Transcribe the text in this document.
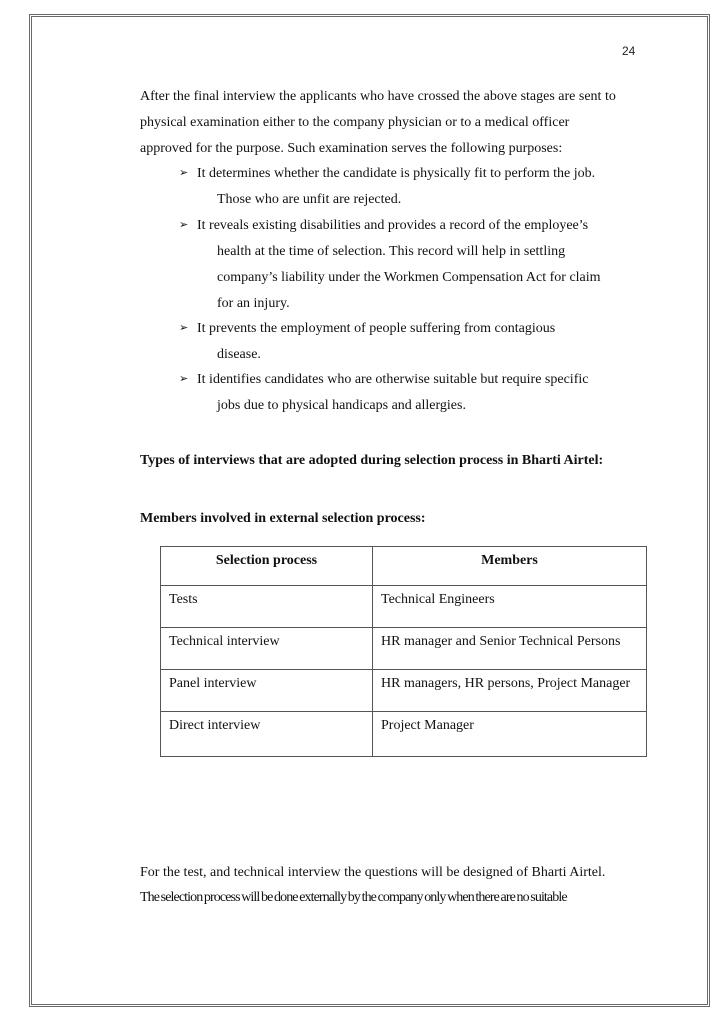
24
After the final interview the applicants who have crossed the above stages are sent to
physical examination either to the company physician or to a medical officer
approved for the purpose. Such examination serves the following purposes:
➢ It determines whether the candidate is physically fit to perform the job.
Those who are unfit are rejected.
➢ It reveals existing disabilities and provides a record of the employee’s
health at the time of selection. This record will help in settling
company’s liability under the Workmen Compensation Act for claim
for an injury.
➢ It prevents the employment of people suffering from contagious
disease.
➢ It identifies candidates who are otherwise suitable but require specific
jobs due to physical handicaps and allergies.
Types of interviews that are adopted during selection process in Bharti Airtel:
Members involved in external selection process:
Selection process	Members
Tests	Technical Engineers
Technical interview	HR manager and Senior Technical Persons
Panel interview	HR managers, HR persons, Project Manager
Direct interview	Project Manager
For the test, and technical interview the questions will be designed of Bharti Airtel.
The selection process will be done externally by the company only when there are no suitable
